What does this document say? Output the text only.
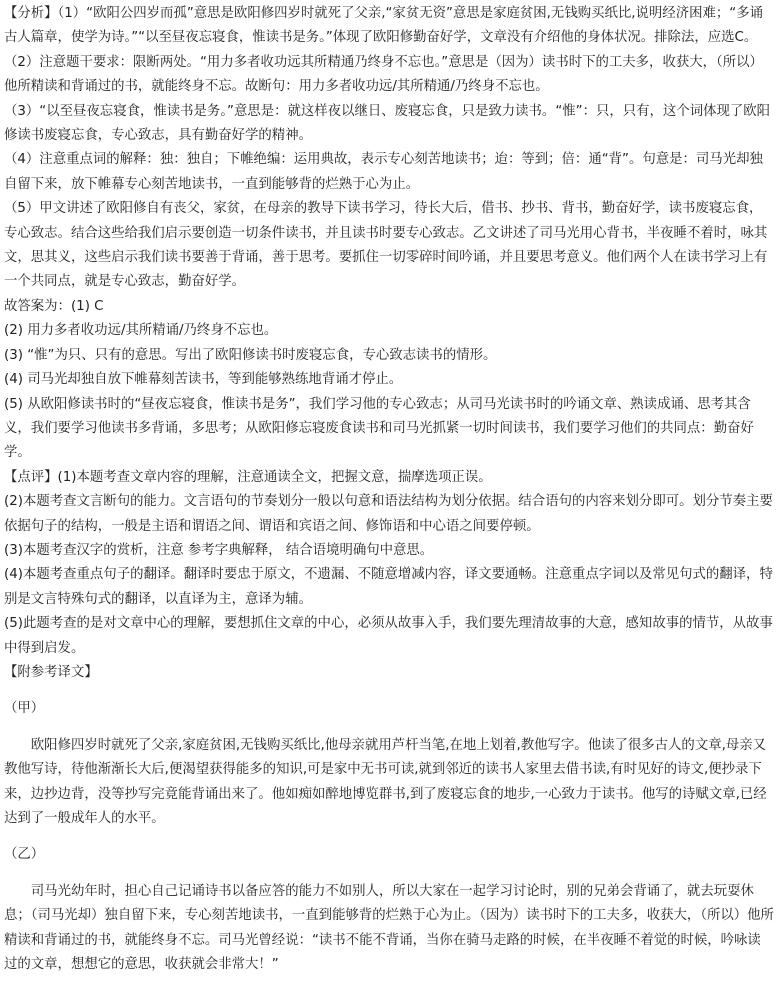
【分析】（1）“欧阳公四岁而孤”意思是欧阳修四岁时就死了父亲,“家贫无资”意思是家庭贫困,无钱购买纸比,说明经济困难；“多诵古人篇章，使学为诗。”“以至昼夜忘寝食，惟读书是务。”体现了欧阳修勤奋好学，文章没有介绍他的身体状况。排除法，应选C。

（2）注意题干要求：限断两处。“用力多者收功远其所精通乃终身不忘也。”意思是（因为）读书时下的工夫多，收获大，（所以）他所精读和背诵过的书，就能终身不忘。故断句：用力多者收功远/其所精通/乃终身不忘也。

（3）“以至昼夜忘寝食，惟读书是务。”意思是：就这样夜以继日、废寝忘食，只是致力读书。“惟”：只，只有，这个词体现了欧阳修读书废寝忘食，专心致志，具有勤奋好学的精神。

（4）注意重点词的解释：独：独自；下帷绝编：运用典故，表示专心刻苦地读书；迨：等到；倍：通“背”。句意是：司马光却独自留下来，放下帷幕专心刻苦地读书，一直到能够背的烂熟于心为止。

（5）甲文讲述了欧阳修自有丧父，家贫，在母亲的教导下读书学习，待长大后，借书、抄书、背书，勤奋好学，读书废寝忘食，专心致志。结合这些给我们启示要创造一切条件读书，并且读书时要专心致志。乙文讲述了司马光用心背书，半夜睡不着时，咏其文，思其义，这些启示我们读书要善于背诵，善于思考。要抓住一切零碎时间吟诵，并且要思考意义。他们两个人在读书学习上有一个共同点，就是专心致志，勤奋好学。

故答案为：(1) C

(2) 用力多者收功远/其所精诵/乃终身不忘也。

(3) “惟”为只、只有的意思。写出了欧阳修读书时废寝忘食，专心致志读书的情形。

(4) 司马光却独自放下帷幕刻苦读书，等到能够熟练地背诵才停止。

(5) 从欧阳修读书时的“昼夜忘寝食，惟读书是务”，我们学习他的专心致志；从司马光读书时的吟诵文章、熟读成诵、思考其含义，我们要学习他读书多背诵，多思考；从欧阳修忘寝废食读书和司马光抓紧一切时间读书，我们要学习他们的共同点：勤奋好学。

【点评】(1)本题考查文章内容的理解，注意通读全文，把握文意，揣摩选项正误。

(2)本题考查文言断句的能力。文言语句的节奏划分一般以句意和语法结构为划分依据。结合语句的内容来划分即可。划分节奏主要依据句子的结构，一般是主语和谓语之间、谓语和宾语之间、修饰语和中心语之间要停顿。

(3)本题考查汉字的赏析，注意 参考字典解释， 结合语境明确句中意思。

(4)本题考查重点句子的翻译。翻译时要忠于原文，不遗漏、不随意增减内容，译文要通畅。注意重点字词以及常见句式的翻译，特别是文言特殊句式的翻译，以直译为主，意译为辅。

(5)此题考查的是对文章中心的理解，要想抓住文章的中心，必须从故事入手，我们要先理清故事的大意，感知故事的情节，从故事中得到启发。

【附参考译文】

（甲）

欧阳修四岁时就死了父亲,家庭贫困,无钱购买纸比,他母亲就用芦杆当笔,在地上划着,教他写字。他读了很多古人的文章,母亲又教他写诗，待他渐渐长大后,便渴望获得能多的知识,可是家中无书可读,就到邻近的读书人家里去借书读,有时见好的诗文,便抄录下来，边抄边背，没等抄写完竟能背诵出来了。他如痴如醉地博览群书,到了废寝忘食的地步,一心致力于读书。他写的诗赋文章,已经达到了一般成年人的水平。

（乙）

司马光幼年时，担心自己记诵诗书以备应答的能力不如别人，所以大家在一起学习讨论时，别的兄弟会背诵了，就去玩耍休息；（司马光却）独自留下来，专心刻苦地读书，一直到能够背的烂熟于心为止。（因为）读书时下的工夫多，收获大，（所以）他所精读和背诵过的书，就能终身不忘。司马光曾经说：“读书不能不背诵，当你在骑马走路的时候，在半夜睡不着觉的时候，吟咏读过的文章，想想它的意思，收获就会非常大！”
